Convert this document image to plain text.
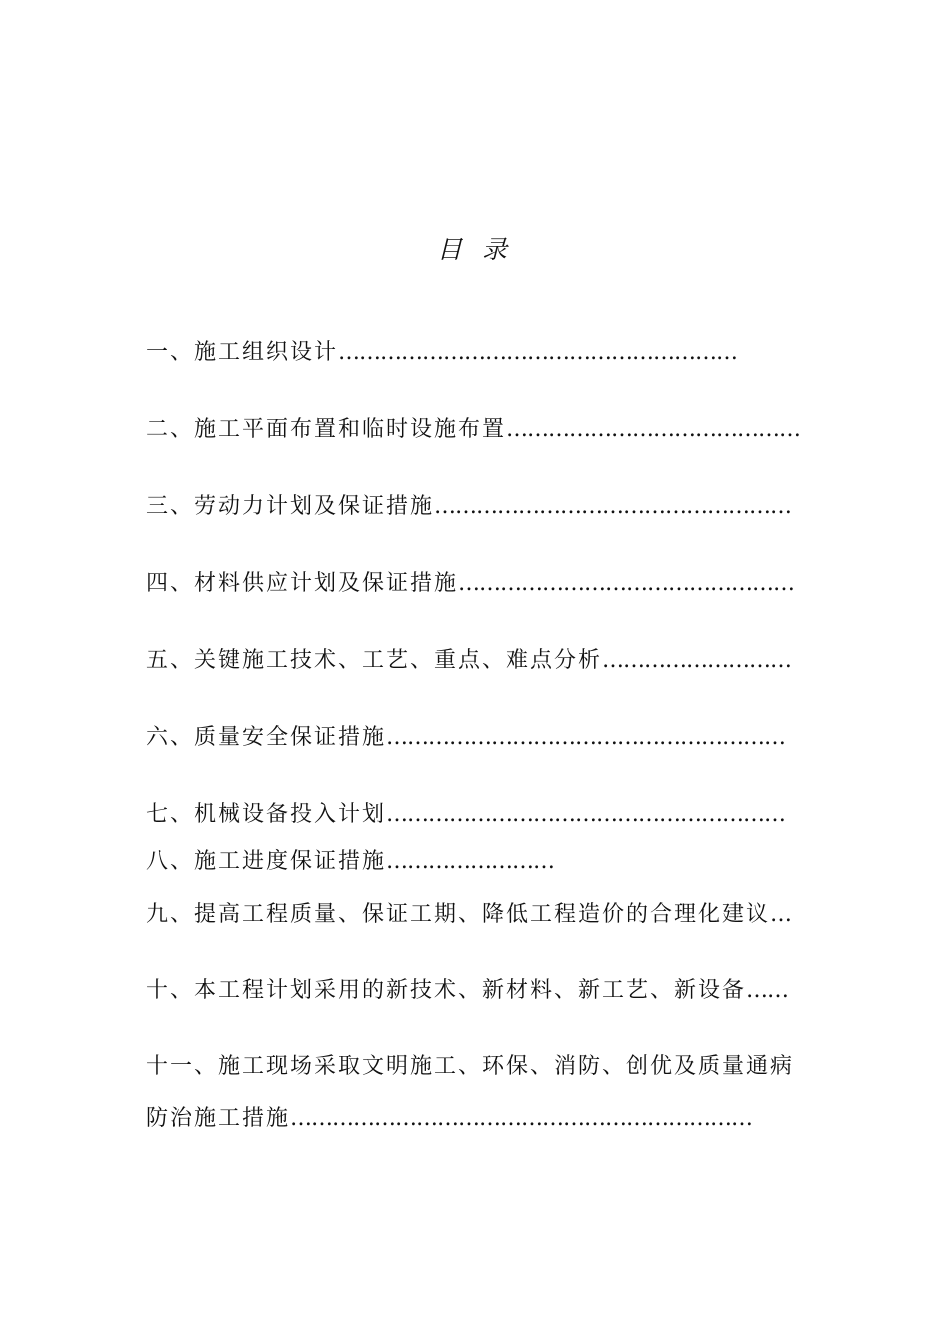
目 录
一、施工组织设计…………………………………………………
二、施工平面布置和临时设施布置……………………………………
三、劳动力计划及保证措施……………………………………………
四、材料供应计划及保证措施…………………………………………
五、关键施工技术、工艺、重点、难点分析………………………
六、质量安全保证措施…………………………………………………
七、机械设备投入计划…………………………………………………
八、施工进度保证措施……………………
九、提高工程质量、保证工期、降低工程造价的合理化建议…
十、本工程计划采用的新技术、新材料、新工艺、新设备……
十一、施工现场采取文明施工、环保、消防、创优及质量通病
防治施工措施…………………………………………………………
